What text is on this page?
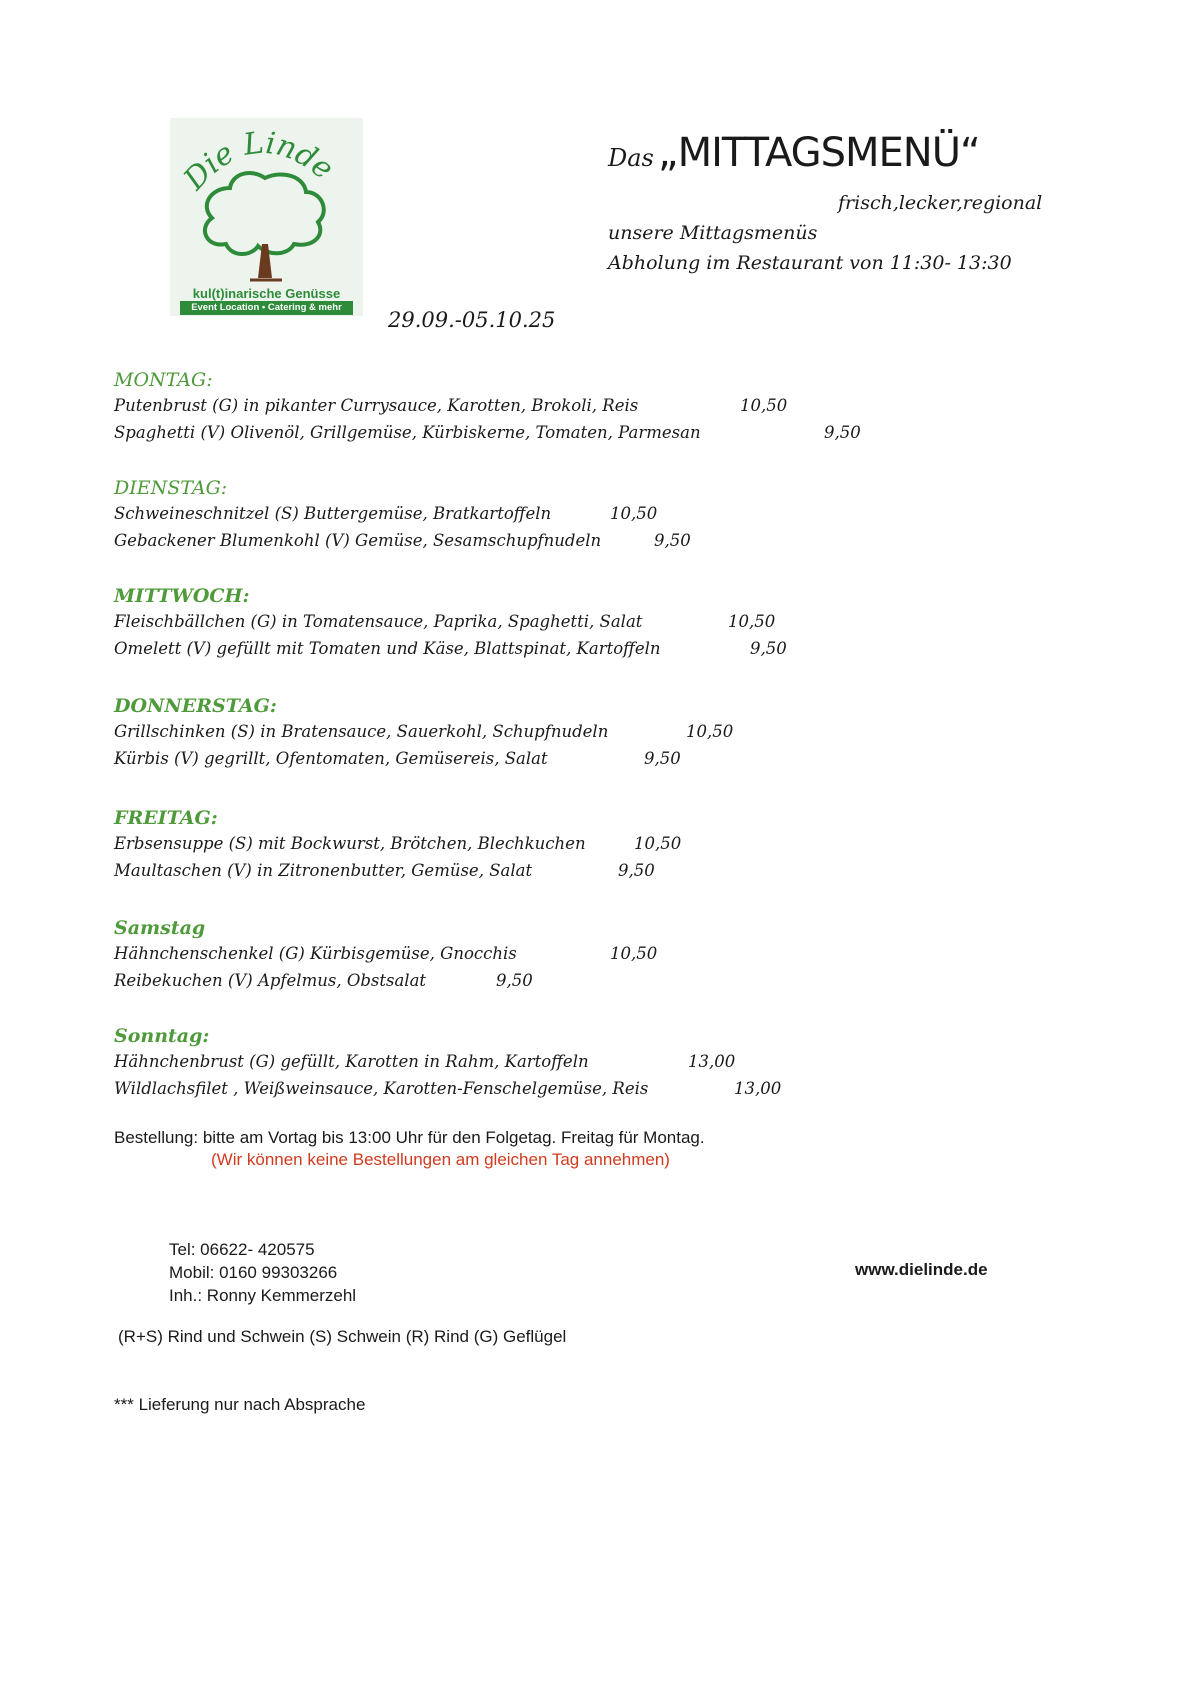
Die Linde
kul(t)inarische Genüsse
Event Location • Catering & mehr
Das „MITTAGSMENÜ“
frisch,lecker,regional
unsere Mittagsmenüs
Abholung im Restaurant von 11:30- 13:30
29.09.-05.10.25
MONTAG:
Putenbrust (G) in pikanter Currysauce, Karotten, Brokoli, Reis	10,50
Spaghetti (V) Olivenöl, Grillgemüse, Kürbiskerne, Tomaten, Parmesan	9,50
DIENSTAG:
Schweineschnitzel (S) Buttergemüse, Bratkartoffeln	10,50
Gebackener Blumenkohl (V) Gemüse, Sesamschupfnudeln	9,50
MITTWOCH:
Fleischbällchen (G) in Tomatensauce, Paprika, Spaghetti, Salat	10,50
Omelett (V) gefüllt mit Tomaten und Käse, Blattspinat, Kartoffeln	9,50
DONNERSTAG:
Grillschinken (S) in Bratensauce, Sauerkohl, Schupfnudeln	10,50
Kürbis (V) gegrillt, Ofentomaten, Gemüsereis, Salat	9,50
FREITAG:
Erbsensuppe (S) mit Bockwurst, Brötchen, Blechkuchen	10,50
Maultaschen (V) in Zitronenbutter, Gemüse, Salat	9,50
Samstag
Hähnchenschenkel (G) Kürbisgemüse, Gnocchis	10,50
Reibekuchen (V) Apfelmus, Obstsalat	9,50
Sonntag:
Hähnchenbrust (G) gefüllt, Karotten in Rahm, Kartoffeln	13,00
Wildlachsfilet , Weißweinsauce, Karotten-Fenschelgemüse, Reis	13,00
Bestellung: bitte am Vortag bis 13:00 Uhr für den Folgetag. Freitag für Montag.
(Wir können keine Bestellungen am gleichen Tag annehmen)
Tel: 06622- 420575
Mobil: 0160 99303266
Inh.: Ronny Kemmerzehl
www.dielinde.de
(R+S) Rind und Schwein (S) Schwein (R) Rind (G) Geflügel
*** Lieferung nur nach Absprache
